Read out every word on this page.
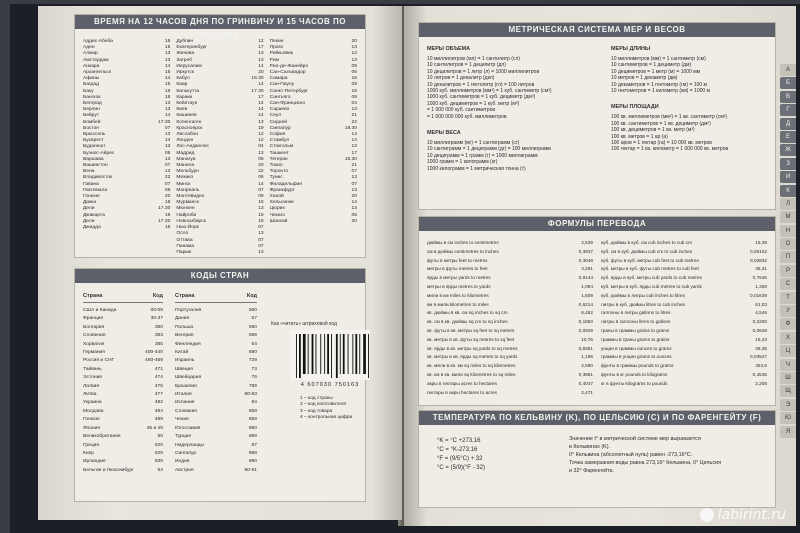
ВРЕМЯ НА 12 ЧАСОВ ДНЯ ПО ГРИНВИЧУ И 15 ЧАСОВ ПО МОСКВЕ
Аддис-Абеба	15
Аден	15
Алжир	13
Амстердам	13
Анкара	14
Архангельск	15
Афины	14
Багдад	15
Баку	16
Бангкок	19
Белград	13
Берлин	13
Бейрут	14
Бомбей	17.30
Бостон	07
Брюссель	13
Бухарест	14
Будапешт	13
Буэнос-Айрес	09
Варшава	13
Вашингтон	07
Вена	13
Владивосток	22
Гавана	07
Гватемала	06
Гонконг	20
Дакка	18
Дели	17.30
Джакарта	19
Дели	17.30
Джидда	15
Дублин	12
Екатеринбург	17
Женева	13
Загреб	13
Иерусалим	14
Иркутск	20
Кабул	16.30
Каир	14
Калькутта	17.30
Караки	17
Кейптаун	14
Киев	14
Кишинев	14
Копенгаген	13
Красноярск	19
Лиссабон	12
Лондон	12
Лос-Анджелес	04
Мадрид	13
Манагуа	06
Манила	20
Мельбурн	22
Мехико	06
Минск	14
Монреаль	07
Монтевидео	09
Мурманск	15
Мюнхен	13
Найроби	15
Новосибирск	18
Нью-Йорк	07
Осло	13
Оттава	07
Панама	07
Париж	13
Пекин	20
Прага	13
Рейкьявик	12
Рим	13
Рио-де-Жанейро	09
Сан-Сальвадор	06
Самара	16
Сан-Паулу	09
Санкт-Петербург	15
Сантьяго	08
Сан-Франциско	04
Сараево	13
Сеул	21
Сидней	22
Сингапур	19.30
София	14
Стамбул	14
Стокгольм	13
Ташкент	17
Тегеран	15.30
Токио	21
Торонто	07
Тунис	13
Филадельфия	07
Франкфурт	13
Ханой	20
Хельсинки	14
Цюрих	13
Чикаго	06
Шанхай	20
КОДЫ СТРАН
Страна	Код
США и Канада	00-09
Франция	30-37
Болгария	380
Словения	383
Хорватия	385
Германия	400-440
Россия и СНГ	460-469
Тайвань	471
Эстония	474
Латвия	475
Литва	477
Украина	482
Молдова	484
Гонконг	489
Япония	45 и 49
Великобритания	50
Греция	520
Кипр	529
Ирландия	539
Бельгия и Люксембург	54
Страна	Код
Португалия	560
Дания	57
Польша	590
Венгрия	599
Финляндия	64
Китай	690
Израиль	729
Швеция	73
Швейцария	76
Бразилия	789
Италия	80-83
Испания	84
Словакия	858
Чехия	859
Югославия	860
Турция	869
Нидерланды	87
Сингапур	888
Индия	890
Австрия	90-91
Как «читать» штриховой код
4 607030 750163
1 – код страны
2 – код изготовителя
3 – код товара
4 – контрольная цифра
МЕТРИЧЕСКАЯ СИСТЕМА МЕР И ВЕСОВ
МЕРЫ ОБЪЕМА
10 миллилитров (мл) = 1 сантилитр (сл)
10 сантилитров = 1 децилитр (дл)
10 децилитров = 1 литр (л) = 1000 миллилитров
10 литров = 1 декалитр (дкл)
10 декалитров = 1 гектолитр (гл) = 100 литров
1000 куб. миллиметров (мм³) = 1 куб. сантиметр (см³)
1000 куб. сантиметров = 1 куб. дециметр (дм³)
1000 куб. дециметров = 1 куб. метр (м³)
= 1 000 000 куб. сантиметров
= 1 000 000 000 куб. миллиметров
МЕРЫ ВЕСА
10 миллиграмм (мг) = 1 сантиграмм (сг)
10 сантиграмм = 1 дециграмм (дг) = 100 миллиграмм
10 дециграмм = 1 грамм (г) = 1000 миллиграмм
1000 грамм = 1 килограмм (кг)
1000 килограмм = 1 метрическая тонна (т)
МЕРЫ ДЛИНЫ
10 миллиметров (мм) = 1 сантиметр (см)
10 сантиметров = 1 дециметр (дм)
10 дециметров = 1 метр (м) = 1000 мм
10 метров = 1 декаметр (дм)
10 декаметров = 1 гектометр (гм) = 100 м
10 гектометров = 1 километр (км) = 1000 м
МЕРЫ ПЛОЩАДИ
100 кв. миллиметров (мм²) = 1 кв. сантиметр (см²)
100 кв. сантиметров = 1 кв. дециметр (дм²)
100 кв. дециметров = 1 кв. метр (м²)
100 кв. метров = 1 ар (а)
100 аров = 1 гектар (га) = 10 000 кв. метров
100 гектар = 1 кв. километр = 1 000 000 кв. метров
ФОРМУЛЫ ПЕРЕВОДА
дюймы в см inches to centimetres	2,539
см в дюймы centimetres to inches	0,3937
футы в метры feet to metres	0,3048
метры в футы metres to feet	3,281
ярды в метры yards to metres	0,9144
метры в ярды metres to yards	1,094
мили в км miles to kilometres	1,609
км в мили kilometres to miles	0,6214
кв. дюймы в кв. см sq inches to sq cm	6,452
кв. см в кв. дюймы sq cm to sq inches	0,1550
кв. футы в кв. метры sq feet to sq metres	0,0929
кв. метры в кв. футы sq metres to sq feet	10,76
кв. ярды в кв. метры sq yards to sq metres	0,8361
кв. метры в кв. ярды sq metres to sq yards	1,196
кв. мили в кв. км sq miles to sq kilometres	2,590
кв. км в кв. мили sq kilometres to sq miles	0,3861
акры в гектары acres to hectares	0,4047
гектары в акры hectares to acres	2,471
куб. дюймы в куб. см cub inches to cub cm	16,39
куб. см в куб. дюймы cub cm to cub inches	0,06102
куб. футы в куб. метры cub feet to cub metres	0,02832
куб. метры в куб. футы cub metres to cub feet	35,31
куб. ярды в куб. метры cub yards to cub metres	0,7646
куб. метры в куб. ярды cub metres to cub yards	1,308
куб. дюймы в литры cub inches to litres	0,01639
литры в куб. дюймы litres to cub inches	61,03
галлоны в литры gallons to litres	4,546
литры в галлоны litres to gallons	0,2200
граны в граммы grains to grams	0,0648
граммы в граны grams to grains	15,43
унции в граммы ounces to grams	28,35
граммы в унции grams to ounces	0,03527
фунты в граммы pounds to grams	453,6
фунты в кг pounds to kilograms	0,4536
кг в фунты kilograms to pounds	2,205
ТЕМПЕРАТУРА ПО КЕЛЬВИНУ (K), ПО ЦЕЛЬСИЮ (C) И ПО ФАРЕНГЕЙТУ (F)
°K = °C +273,16
°C = °K-273,16
°F = (9/5°C) + 32
°C = (5/9)(°F - 32)
Значение t° в метрической системе мер выражается
в Кельвинах (K).
0° Кельвина (абсолютный нуль) равен -273,16°C.
Точка замерзания воды равна 273,16° Кельвина, 0° Цельсия
и 32° Фаренгейта.
А
Б
В
Г
Д
Е
Ж
З
И
К
Л
М
Н
О
П
Р
С
Т
У
Ф
Х
Ц
Ч
Ш
Щ
Э
Ю
Я
labirint.ru
